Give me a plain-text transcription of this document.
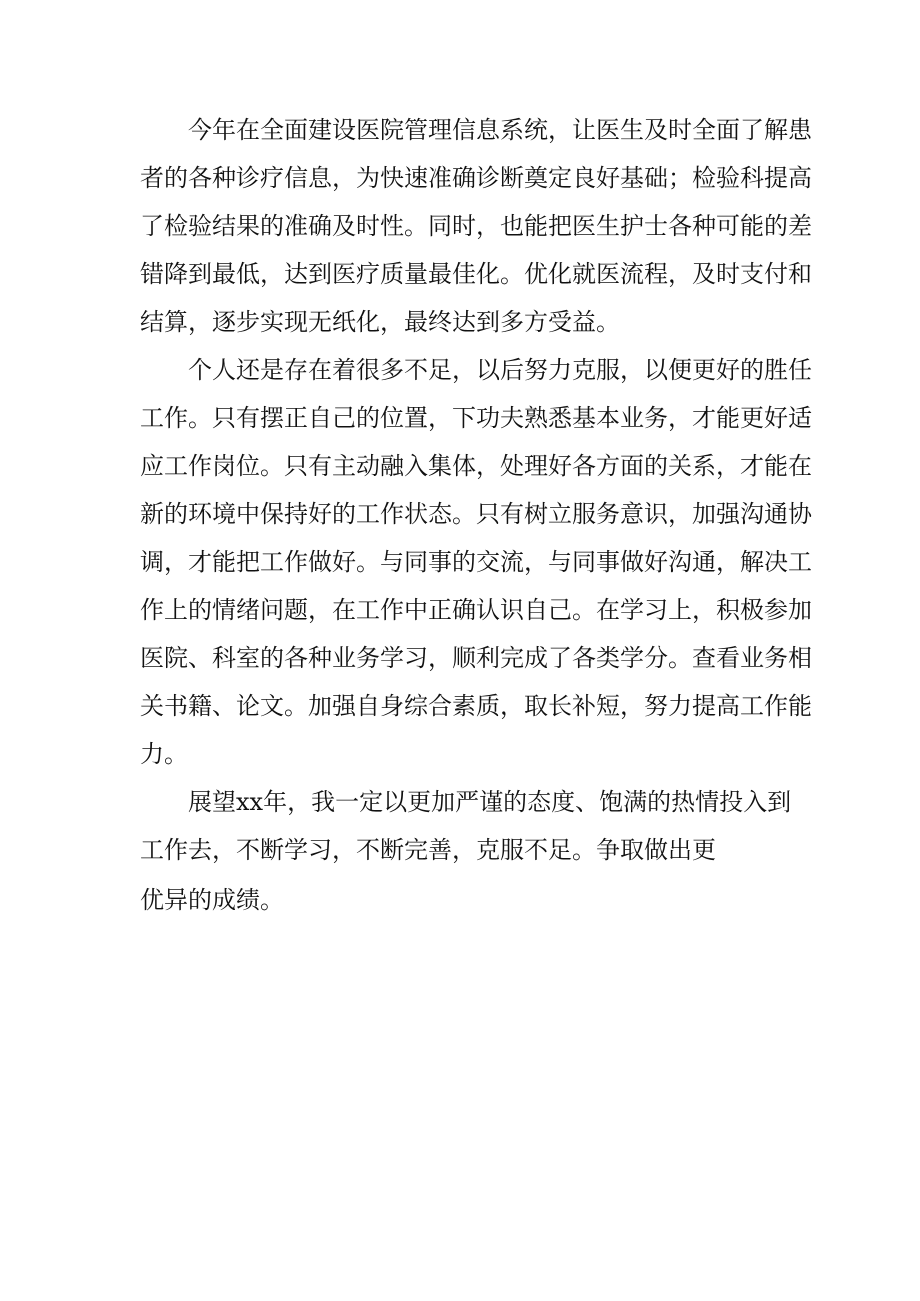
今年在全面建设医院管理信息系统，让医生及时全面了解患
者的各种诊疗信息，为快速准确诊断奠定良好基础；检验科提高
了检验结果的准确及时性。同时，也能把医生护士各种可能的差
错降到最低，达到医疗质量最佳化。优化就医流程，及时支付和
结算，逐步实现无纸化，最终达到多方受益。
个人还是存在着很多不足，以后努力克服，以便更好的胜任
工作。只有摆正自己的位置，下功夫熟悉基本业务，才能更好适
应工作岗位。只有主动融入集体，处理好各方面的关系，才能在
新的环境中保持好的工作状态。只有树立服务意识，加强沟通协
调，才能把工作做好。与同事的交流，与同事做好沟通，解决工
作上的情绪问题，在工作中正确认识自己。在学习上，积极参加
医院、科室的各种业务学习，顺利完成了各类学分。查看业务相
关书籍、论文。加强自身综合素质，取长补短，努力提高工作能
力。
展望xx年，我一定以更加严谨的态度、饱满的热情投入到
工作去，不断学习，不断完善，克服不足。争取做出更
优异的成绩。
